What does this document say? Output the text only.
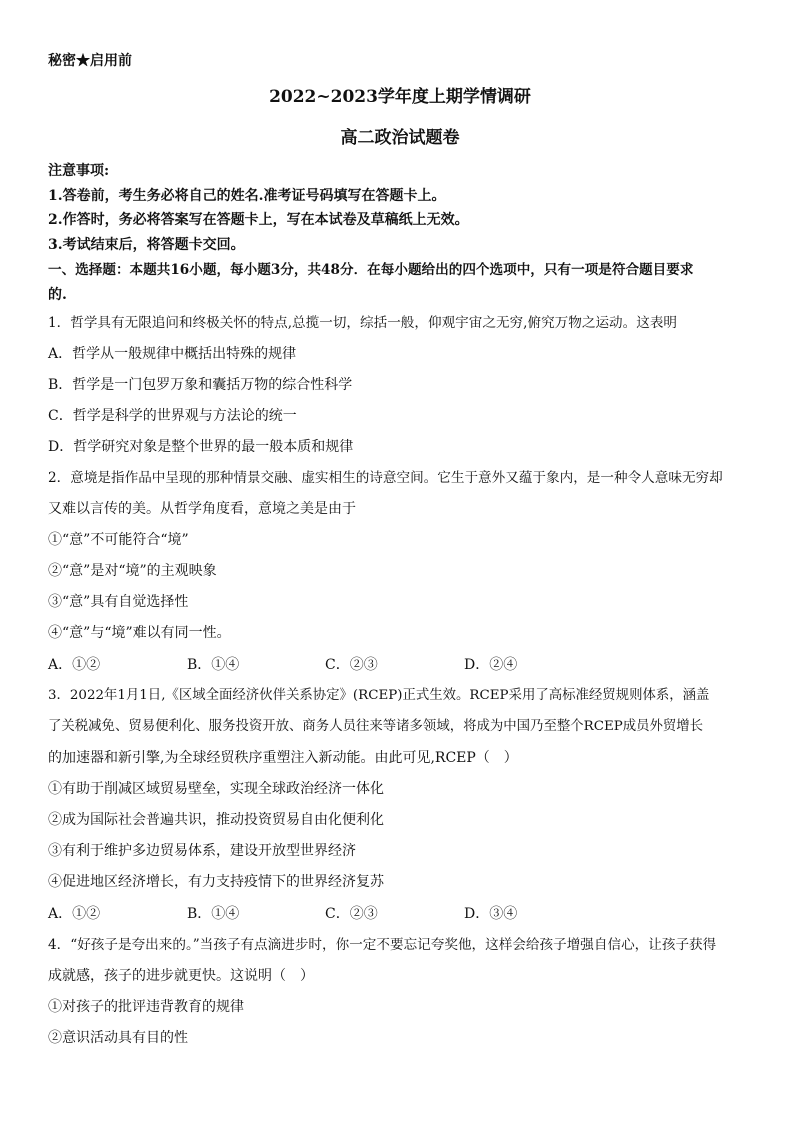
秘密★启用前
2022~2023学年度上期学情调研
高二政治试题卷
注意事项:
1.答卷前，考生务必将自己的姓名.准考证号码填写在答题卡上。
2.作答时，务必将答案写在答题卡上，写在本试卷及草稿纸上无效。
3.考试结束后，将答题卡交回。
一、选择题：本题共16小题，每小题3分，共48分．在每小题给出的四个选项中，只有一项是符合题目要求
的.
1．哲学具有无限追问和终极关怀的特点,总揽一切，综括一般，仰观宇宙之无穷,俯究万物之运动。这表明
A．哲学从一般规律中概括出特殊的规律
B．哲学是一门包罗万象和囊括万物的综合性科学
C．哲学是科学的世界观与方法论的统一
D．哲学研究对象是整个世界的最一般本质和规律
2．意境是指作品中呈现的那种情景交融、虚实相生的诗意空间。它生于意外又蕴于象内，是一种令人意味无穷却
又难以言传的美。从哲学角度看，意境之美是由于
①“意”不可能符合“境”
②“意”是对“境”的主观映象
③“意”具有自觉选择性
④“意”与“境”难以有同一性。
A．①②	B．①④	C．②③	D．②④
3．2022年1月1日,《区域全面经济伙伴关系协定》(RCEP)正式生效。RCEP采用了高标准经贸规则体系，涵盖
了关税减免、贸易便利化、服务投资开放、商务人员往来等诸多领域，将成为中国乃至整个RCEP成员外贸增长
的加速器和新引擎,为全球经贸秩序重塑注入新动能。由此可见,RCEP（　）
①有助于削减区域贸易壁垒，实现全球政治经济一体化
②成为国际社会普遍共识，推动投资贸易自由化便利化
③有利于维护多边贸易体系，建设开放型世界经济
④促进地区经济增长，有力支持疫情下的世界经济复苏
A．①②	B．①④	C．②③	D．③④
4．“好孩子是夸出来的。”当孩子有点滴进步时，你一定不要忘记夸奖他，这样会给孩子增强自信心，让孩子获得
成就感，孩子的进步就更快。这说明（　）
①对孩子的批评违背教育的规律
②意识活动具有目的性
